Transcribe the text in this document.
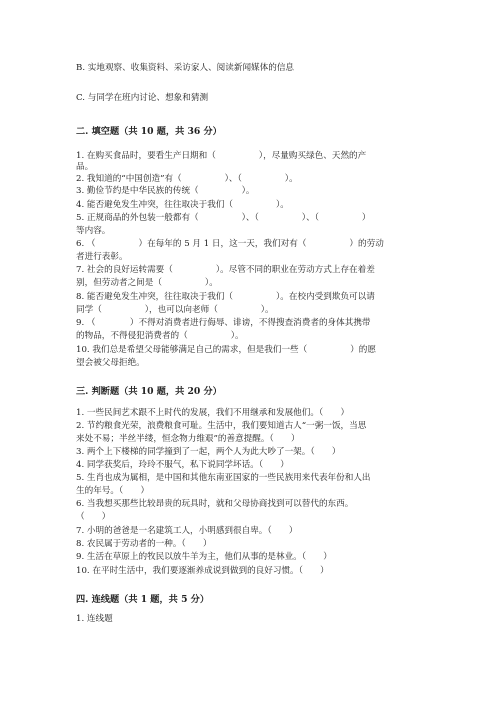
B. 实地观察、收集资料、采访家人、阅读新闻媒体的信息
C. 与同学在班内讨论、想象和猜测
二. 填空题（共 10 题，共 36 分）
1. 在购买食品时，要看生产日期和（　　　　　），尽量购买绿色、天然的产
品。
2. 我知道的“中国创造”有（　　　　　）、（　　　　　）。
3. 勤俭节约是中华民族的传统（　　　　　）。
4. 能否避免发生冲突，往往取决于我们（　　　　　）。
5. 正规商品的外包装一般都有（　　　　　）、（　　　　　）、（　　　　　）
等内容。
6. （　　　　　）在每年的 5 月 1 日，这一天，我们对有（　　　　　）的劳动
者进行表彰。
7. 社会的良好运转需要（　　　　　）。尽管不同的职业在劳动方式上存在着差
别，但劳动者之间是（　　　　　）。
8. 能否避免发生冲突，往往取决于我们（　　　　　）。在校内受到欺负可以请
同学（　　　　　），也可以向老师（　　　　　）。
9. （　　　　）不得对消费者进行侮辱、诽谤，不得搜查消费者的身体其携带
的物品，不得侵犯消费者的（　　　　　）。
10. 我们总是希望父母能够满足自己的需求，但是我们一些（　　　　　）的愿
望会被父母拒绝。
三. 判断题（共 10 题，共 20 分）
1. 一些民间艺术跟不上时代的发展，我们不用继承和发展他们。（　　）
2. 节约粮食光荣，浪费粮食可耻。生活中，我们要知道古人“一粥一饭，当思
来处不易；半丝半缕，恒念物力维艰”的善意提醒。（　　）
3. 两个上下楼梯的同学撞到了一起，两个人为此大吵了一架。（　　）
4. 同学获奖后，玲玲不服气，私下说同学坏话。（　　）
5. 生肖也成为属相，是中国和其他东南亚国家的一些民族用来代表年份和人出
生的年号。（　　）
6. 当我想买那些比较昂贵的玩具时，就和父母协商找到可以替代的东西。
（　　）
7. 小明的爸爸是一名建筑工人，小明感到很自卑。（　　）
8. 农民属于劳动者的一种。（　　）
9. 生活在草原上的牧民以放牛羊为主，他们从事的是林业。（　　）
10. 在平时生活中，我们要逐渐养成说到做到的良好习惯。（　　）
四. 连线题（共 1 题，共 5 分）
1. 连线题
